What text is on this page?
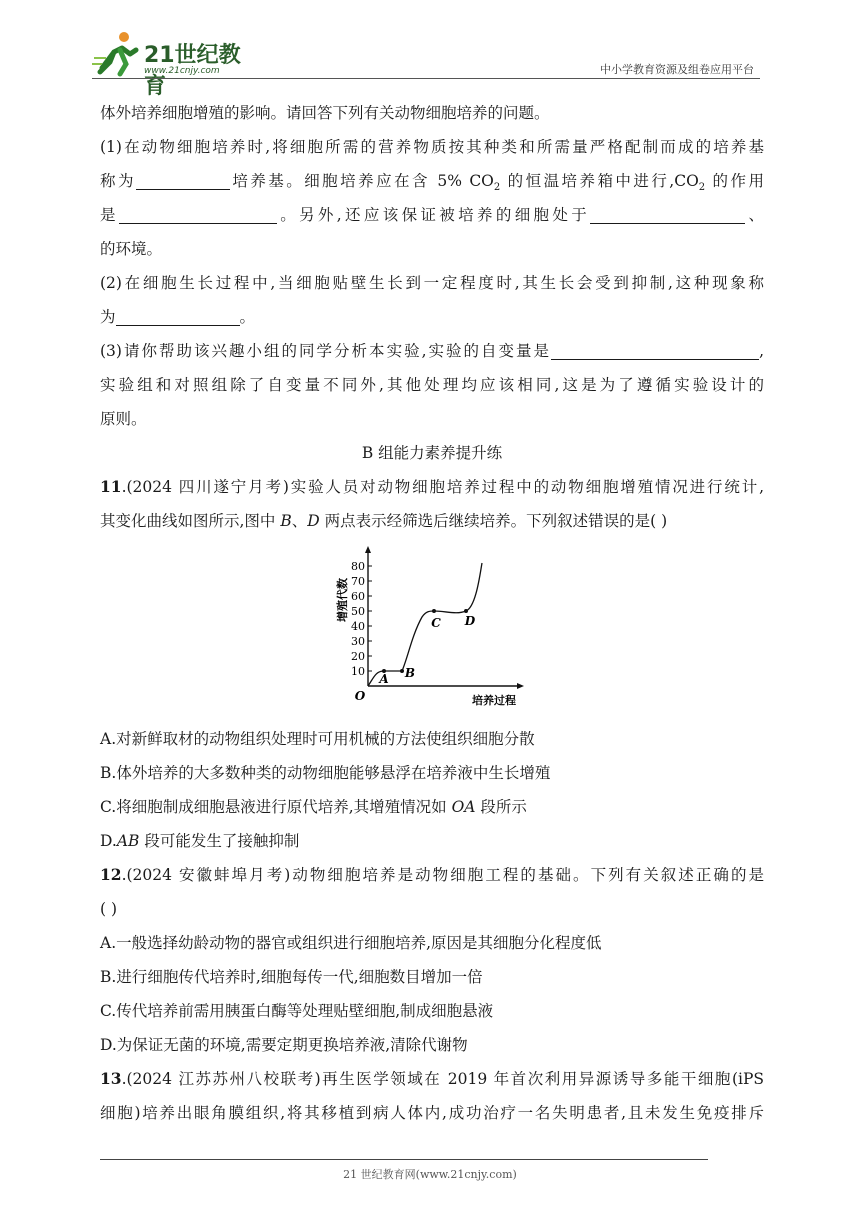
21世纪教育
www.21cnjy.com	中小学教育资源及组卷应用平台
体外培养细胞增殖的影响。请回答下列有关动物细胞培养的问题。
(1)在动物细胞培养时,将细胞所需的营养物质按其种类和所需量严格配制而成的培养基
称为	培养基。细胞培养应在含 5% $CO_2$ 的恒温培养箱中进行$,CO_2$ 的作用
是	。另外,还应该保证被培养的细胞处于	、
的环境。
(2)在细胞生长过程中,当细胞贴壁生长到一定程度时,其生长会受到抑制,这种现象称
为	。
(3)请你帮助该兴趣小组的同学分析本实验,实验的自变量是	,
实验组和对照组除了自变量不同外,其他处理均应该相同,这是为了遵循实验设计的
原则。
B 组能力素养提升练
11.(2024 四川遂宁月考)实验人员对动物细胞培养过程中的动物细胞增殖情况进行统计,
其变化曲线如图所示,图中 B、D 两点表示经筛选后继续培养。下列叙述错误的是( )
A.对新鲜取材的动物组织处理时可用机械的方法使组织细胞分散
B.体外培养的大多数种类的动物细胞能够悬浮在培养液中生长增殖
C.将细胞制成细胞悬液进行原代培养,其增殖情况如 OA 段所示
D.AB 段可能发生了接触抑制
12.(2024 安徽蚌埠月考)动物细胞培养是动物细胞工程的基础。下列有关叙述正确的是
( )
A.一般选择幼龄动物的器官或组织进行细胞培养,原因是其细胞分化程度低
B.进行细胞传代培养时,细胞每传一代,细胞数目增加一倍
C.传代培养前需用胰蛋白酶等处理贴壁细胞,制成细胞悬液
D.为保证无菌的环境,需要定期更换培养液,清除代谢物
13.(2024 江苏苏州八校联考)再生医学领域在 2019 年首次利用异源诱导多能干细胞(iPS
细胞)培养出眼角膜组织,将其移植到病人体内,成功治疗一名失明患者,且未发生免疫排斥
增殖代数
培养过程
O
10
20
30
40
50
60
70
80
A B
C D
21 世纪教育网(www.21cnjy.com)
